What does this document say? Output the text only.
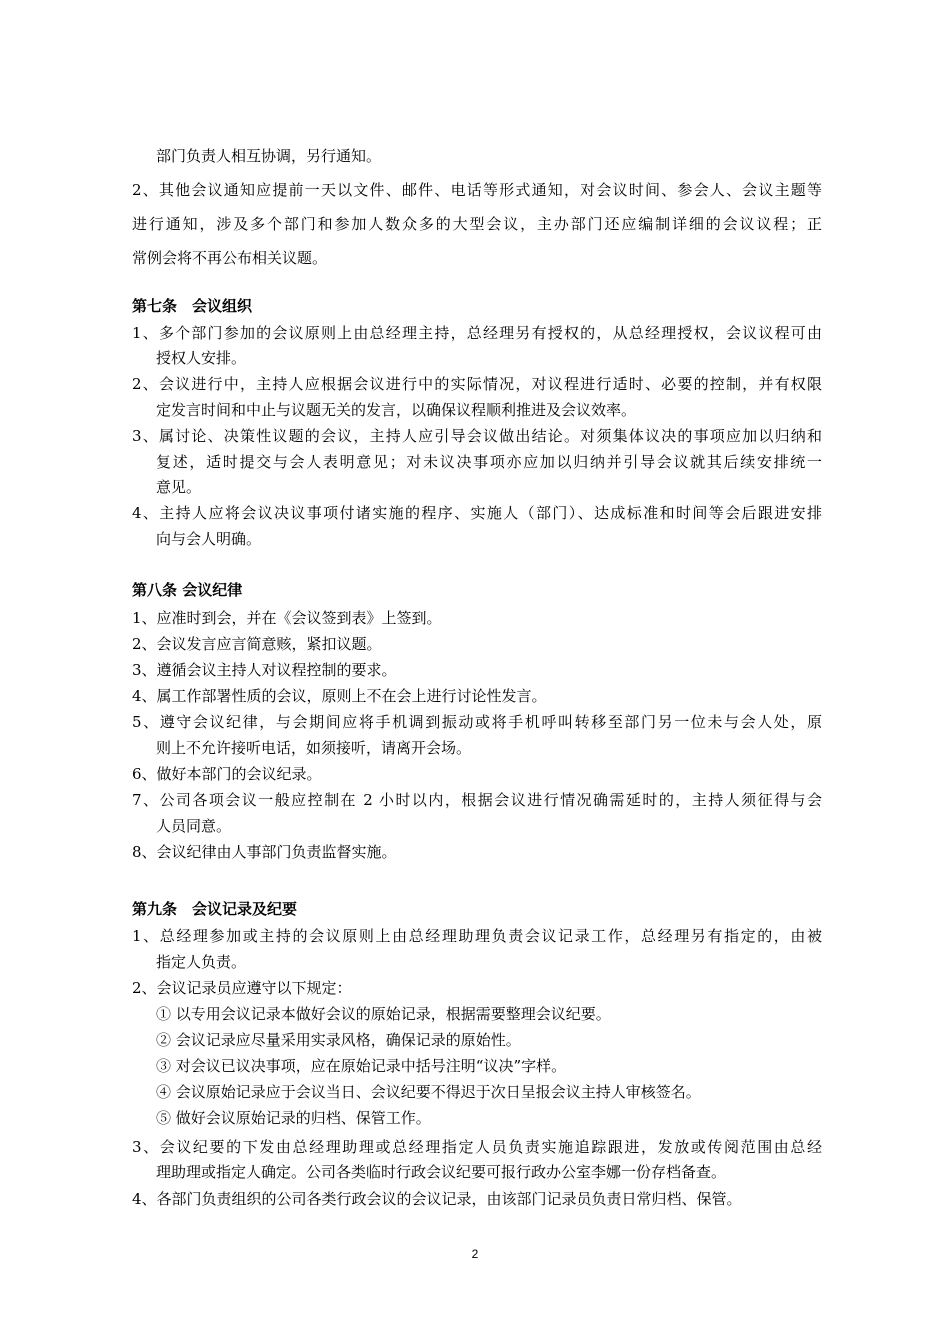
部门负责人相互协调，另行通知。
2、其他会议通知应提前一天以文件、邮件、电话等形式通知，对会议时间、参会人、会议主题等
进行通知，涉及多个部门和参加人数众多的大型会议，主办部门还应编制详细的会议议程；正
常例会将不再公布相关议题。
第七条　会议组织
1、多个部门参加的会议原则上由总经理主持，总经理另有授权的，从总经理授权，会议议程可由
授权人安排。
2、会议进行中，主持人应根据会议进行中的实际情况，对议程进行适时、必要的控制，并有权限
定发言时间和中止与议题无关的发言，以确保议程顺利推进及会议效率。
3、属讨论、决策性议题的会议，主持人应引导会议做出结论。对须集体议决的事项应加以归纳和
复述，适时提交与会人表明意见；对未议决事项亦应加以归纳并引导会议就其后续安排统一
意见。
4、主持人应将会议决议事项付诸实施的程序、实施人（部门）、达成标准和时间等会后跟进安排
向与会人明确。
第八条 会议纪律
1、应准时到会，并在《会议签到表》上签到。
2、会议发言应言简意赅，紧扣议题。
3、遵循会议主持人对议程控制的要求。
4、属工作部署性质的会议，原则上不在会上进行讨论性发言。
5、遵守会议纪律，与会期间应将手机调到振动或将手机呼叫转移至部门另一位未与会人处，原
则上不允许接听电话，如须接听，请离开会场。
6、做好本部门的会议纪录。
7、公司各项会议一般应控制在 2 小时以内，根据会议进行情况确需延时的，主持人须征得与会
人员同意。
8、会议纪律由人事部门负责监督实施。
第九条　会议记录及纪要
1、总经理参加或主持的会议原则上由总经理助理负责会议记录工作，总经理另有指定的，由被
指定人负责。
2、会议记录员应遵守以下规定：
① 以专用会议记录本做好会议的原始记录，根据需要整理会议纪要。
② 会议记录应尽量采用实录风格，确保记录的原始性。
③ 对会议已议决事项，应在原始记录中括号注明“议决”字样。
④ 会议原始记录应于会议当日、会议纪要不得迟于次日呈报会议主持人审核签名。
⑤ 做好会议原始记录的归档、保管工作。
3、会议纪要的下发由总经理助理或总经理指定人员负责实施追踪跟进，发放或传阅范围由总经
理助理或指定人确定。公司各类临时行政会议纪要可报行政办公室李娜一份存档备查。
4、各部门负责组织的公司各类行政会议的会议记录，由该部门记录员负责日常归档、保管。
2
